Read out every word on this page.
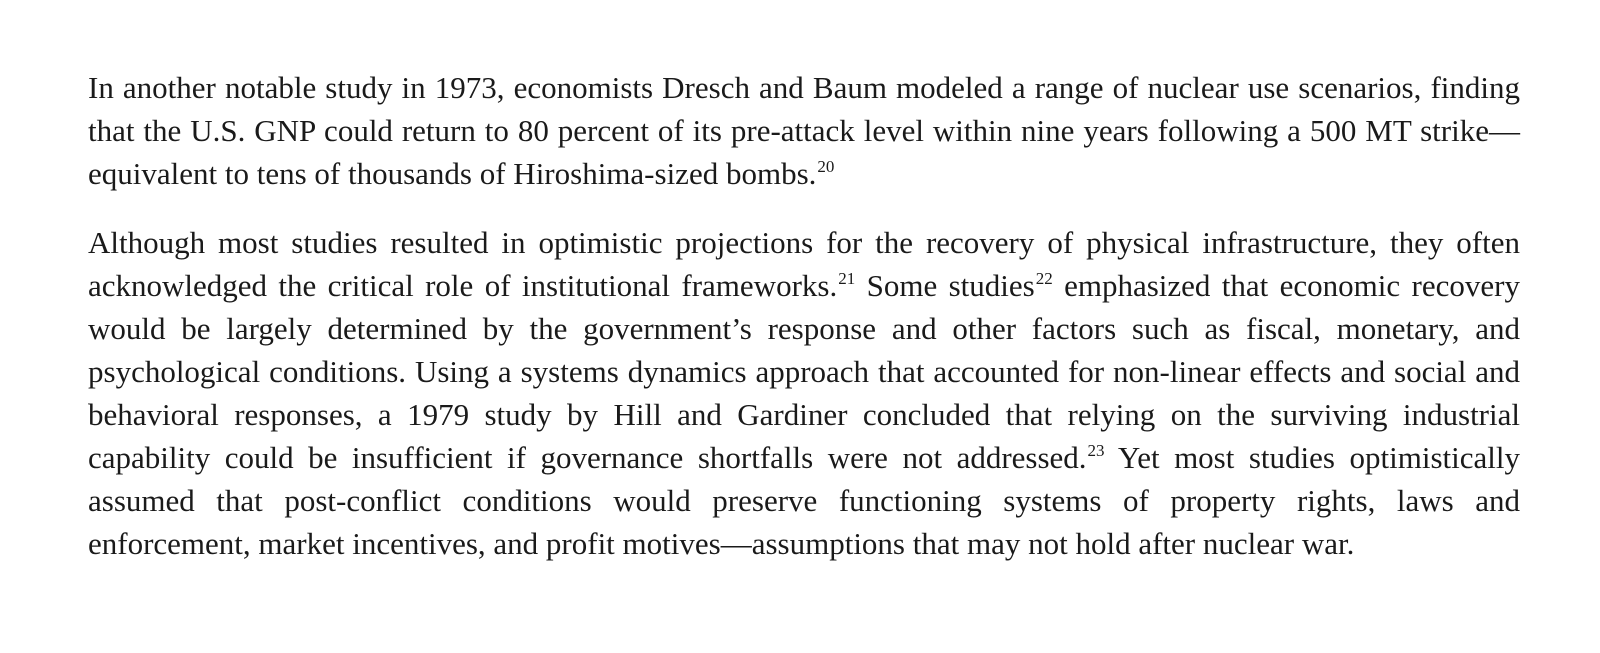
In another notable study in 1973, economists Dresch and Baum modeled a range of nuclear use scenarios, finding that the U.S. GNP could return to 80 percent of its pre-attack level within nine years following a 500 MT strike—equivalent to tens of thousands of Hiroshima-sized bombs.$^{20}$

Although most studies resulted in optimistic projections for the recovery of physical infrastructure, they often acknowledged the critical role of institutional frameworks.$^{21}$ Some studies$^{22}$ emphasized that economic recovery would be largely determined by the government’s response and other factors such as fiscal, monetary, and psychological conditions. Using a systems dynamics approach that accounted for non-linear effects and social and behavioral responses, a 1979 study by Hill and Gardiner concluded that relying on the surviving industrial capability could be insufficient if governance shortfalls were not addressed.$^{23}$ Yet most studies optimistically assumed that post-conflict conditions would preserve functioning systems of property rights, laws and enforcement, market incentives, and profit motives—assumptions that may not hold after nuclear war.
